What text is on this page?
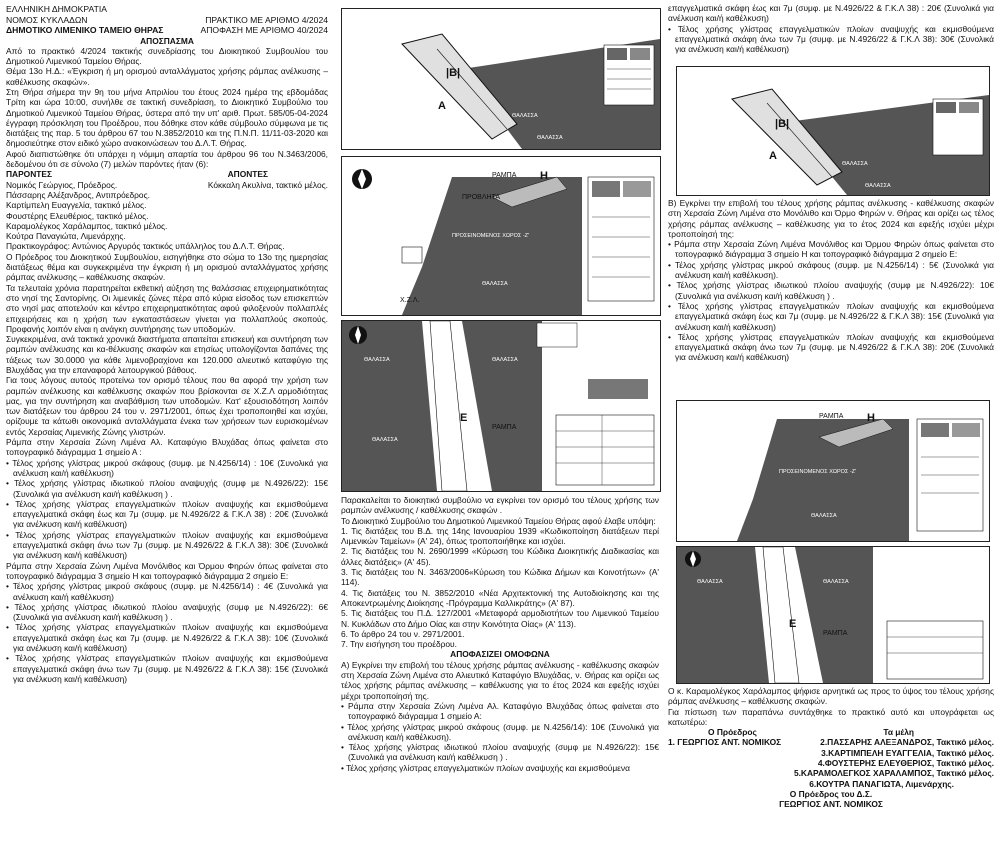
ΕΛΛΗΝΙΚΗ ΔΗΜΟΚΡΑΤΙΑ
ΝΟΜΟΣ ΚΥΚΛΑΔΩΝ	ΠΡΑΚΤΙΚΟ ΜΕ ΑΡΙΘΜΟ 4/2024
ΔΗΜΟΤΙΚΟ ΛΙΜΕΝΙΚΟ ΤΑΜΕΙΟ ΘΗΡΑΣ	ΑΠΟΦΑΣΗ ΜΕ ΑΡΙΘΜΟ 40/2024

ΑΠΟΣΠΑΣΜΑ

Από το πρακτικό 4/2024 τακτικής συνεδρίασης του Διοικητικού Συμβουλίου του Δημοτικού Λιμενικού Ταμείου Θήρας.

Θέμα 13ο Η.Δ.: «Έγκριση ή μη ορισμού ανταλλάγματος χρήσης ράμπας ανέλκυσης – καθέλκυσης σκαφών».

Στη Θήρα σήμερα την 9η του μήνα Απριλίου του έτους 2024 ημέρα της εβδομάδας Τρίτη και ώρα 10:00, συνήλθε σε τακτική συνεδρίαση, το Διοικητικό Συμβούλιο του Δημοτικού Λιμενικού Ταμείου Θήρας, ύστερα από την υπ' αριθ. Πρωτ. 585/05-04-2024 έγγραφη πρόσκληση του Προέδρου, που δόθηκε στον κάθε σύμβουλο σύμφωνα με τις διατάξεις της παρ. 5 του άρθρου 67 του Ν.3852/2010 και της Π.Ν.Π. 11/11-03-2020 και δημοσιεύτηκε στον ειδικό χώρο ανακοινώσεων του Δ.Λ.Τ. Θήρας.

Αφού διαπιστώθηκε ότι υπάρχει η νόμιμη απαρτία του άρθρου 96 του Ν.3463/2006, δεδομένου ότι σε σύνολο (7) μελών παρόντες ήταν (6):

ΠΑΡΟΝΤΕΣ	ΑΠΟΝΤΕΣ
Νομικός Γεώργιος, Πρόεδρος.	Κόκκαλη Ακυλίνα, τακτικό μέλος.

Πάσσαρης Αλέξανδρος, Αντιπρόεδρος.

Καρτίμπελη Ευαγγελία, τακτικό μέλος.

Φουστέρης Ελευθέριος, τακτικό μέλος.

Καραμολέγκος Χαράλαμπος, τακτικό μέλος.

Κούτρα Παναγιώτα, Λιμενάρχης.

Πρακτικογράφος: Αντώνιος Αργυρός τακτικός υπάλληλος του Δ.Λ.Τ. Θήρας.

Ο Πρόεδρος του Διοικητικού Συμβουλίου, εισηγήθηκε στο σώμα το 13ο της ημερησίας διατάξεως θέμα και συγκεκριμένα την έγκριση ή μη ορισμού ανταλλάγματος χρήσης ράμπας ανέλκυσης – καθέλκυσης σκαφών.

Τα τελευταία χρόνια παρατηρείται εκθετική αύξηση της θαλάσσιας επιχειρηματικότητας στο νησί της Σαντορίνης. Οι λιμενικές ζώνες πέρα από κύρια είσοδος των επισκεπτών στο νησί μας αποτελούν και κέντρο επιχειρηματικότητας αφού φιλοξενούν πολλαπλές επιχειρήσεις και η χρήση των εγκαταστάσεων γίνεται για πολλαπλούς σκοπούς. Προφανής λοιπόν είναι η ανάγκη συντήρησης των υποδομών.

Συγκεκριμένα, ανά τακτικά χρονικά διαστήματα απαιτείται επισκευή και συντήρηση των ραμπών ανέλκυσης και κα-θέλκυσης σκαφών και ετησίως υπολογίζονται δαπάνες της τάξεως των 30.0000 για κάθε λιμενοβραχίονα και 120.000 αλιευτικό καταφύγιο της Βλυχάδας για την επαναφορά λειτουργικού βάθους.

Για τους λόγους αυτούς προτείνω τον ορισμό τέλους που θα αφορά την χρήση των ραμπών ανέλκυσης και καθέλκυσης σκαφών που βρίσκονται σε Χ.Ζ.Λ αρμοδιότητας μας, για την συντήρηση και αναβάθμιση των υποδομών. Κατ' εξουσιοδότηση λοιπόν των διατάξεων του άρθρου 24 του ν. 2971/2001, όπως έχει τροποποιηθεί και ισχύει, ορίζουμε τα κάτωθι οικονομικά ανταλλάγματα ένεκα των χρήσεων των ευρισκομένων εντός Χερσαίας Λιμενικής Ζώνης γλιστρών.

Ράμπα στην Χερσαία Ζώνη Λιμένα Αλ. Καταφύγιο Βλυχάδας όπως φαίνεται στο τοπογραφικό διάγραμμα 1 σημείο Α :

• Τέλος χρήσης γλίστρας μικρού σκάφους (συμφ. με Ν.4256/14) : 10€ (Συνολικά για ανέλκυση και/ή καθέλκυση)

• Τέλος χρήσης γλίστρας ιδιωτικού πλοίου αναψυχής (συμφ με Ν.4926/22): 15€ (Συνολικά για ανέλκυση και/ή καθέλκυση ) .

• Τέλος χρήσης γλίστρας επαγγελματικών πλοίων αναψυχής και εκμισθούμενα επαγγελματικά σκάφη έως και 7μ (συμφ. με Ν.4926/22 & Γ.Κ.Λ 38) : 20€ (Συνολικά για ανέλκυση και/ή καθέλκυση)

• Τέλος χρήσης γλίστρας επαγγελματικών πλοίων αναψυχής και εκμισθούμενα επαγγελματικά σκάφη άνω των 7μ (συμφ. με Ν.4926/22 & Γ.Κ.Λ 38): 30€ (Συνολικά για ανέλκυση και/ή καθέλκυση)

Ράμπα στην Χερσαία Ζώνη Λιμένα Μονόλιθος και Όρμου Φηρών όπως φαίνεται στο τοπογραφικό διάγραμμα 3 σημείο Η και τοπογραφικό διάγραμμα 2 σημείο Ε:

• Τέλος χρήσης γλίστρας μικρού σκάφους (συμφ. με Ν.4256/14) : 4€ (Συνολικά για ανέλκυση και/ή καθέλκυση)

• Τέλος χρήσης γλίστρας ιδιωτικού πλοίου αναψυχής (συμφ με Ν.4926/22): 6€ (Συνολικά για ανέλκυση και/ή καθέλκυση ) .

• Τέλος χρήσης γλίστρας επαγγελματικών πλοίων αναψυχής και εκμισθούμενα επαγγελματικά σκάφη έως και 7μ (συμφ. με Ν.4926/22 & Γ.Κ.Λ 38): 10€ (Συνολικά για ανέλκυση και/ή καθέλκυση)

• Τέλος χρήσης γλίστρας επαγγελματικών πλοίων αναψυχής και εκμισθούμενα επαγγελματικά σκάφη άνω των 7μ (συμφ. με Ν.4926/22 & Γ.Κ.Λ 38): 15€ (Συνολικά για ανέλκυση και/ή καθέλκυση)

|Β|
Α
ΘΑΛΑΣΣΑ
ΘΑΛΑΣΣΑ
ΡΑΜΠΑ Η
ΠΡΟΒΛΗΤΑ
ΠΡΟΣΕΙΝΟΜΕΝΟΣ ΧΩΡΟΣ -Z'
ΘΑΛΑΣΣΑ
Χ.Ζ.Λ.
ΘΑΛΑΣΣΑ	ΘΑΛΑΣΣΑ
ΘΑΛΑΣΣΑ
Ε
ΡΑΜΠΑ

Παρακαλείται το διοικητικό συμβούλιο να εγκρίνει τον ορισμό του τέλους χρήσης των ραμπών ανέλκυσης / καθέλκυσης σκαφών .

Το Διοικητικό Συμβούλιο του Δημοτικού Λιμενικού Ταμείου Θήρας αφού έλαβε υπόψη:

1. Τις διατάξεις του Β.Δ. της 14ης Ιανουαρίου 1939 «Κωδικοποίηση διατάξεων περί Λιμενικών Ταμείων» (Α' 24), όπως τροποποιήθηκε και ισχύει.

2. Τις διατάξεις του Ν. 2690/1999 «Κύρωση του Κώδικα Διοικητικής Διαδικασίας και άλλες διατάξεις» (Α' 45).

3. Τις διατάξεις του Ν. 3463/2006«Κύρωση του Κώδικα Δήμων και Κοινοτήτων» (Α' 114).

4. Τις διατάξεις του Ν. 3852/2010 «Νέα Αρχιτεκτονική της Αυτοδιοίκησης και της Αποκεντρωμένης Διοίκησης -Πρόγραμμα Καλλικράτης» (Α' 87).

5. Τις διατάξεις του Π.Δ. 127/2001 «Μεταφορά αρμοδιοτήτων του Λιμενικού Ταμείου Ν. Κυκλάδων στο Δήμο Οίας και στην Κοινότητα Οίας» (Α' 113).

6. Το άρθρο 24 του ν. 2971/2001.

7. Την εισήγηση του προέδρου.

ΑΠΟΦΑΣΙΖΕΙ ΟΜΟΦΩΝΑ

Α) Εγκρίνει την επιβολή του τέλους χρήσης ράμπας ανέλκυσης - καθέλκυσης σκαφών στη Χερσαία Ζώνη Λιμένα στο Αλιευτικό Καταφύγιο Βλυχάδας, ν. Θήρας και ορίζει ως τέλος χρήσης ράμπας ανέλκυσης – καθέλκυσης για το έτος 2024 και εφεξής ισχύει μέχρι τροποποίησή της.

• Ράμπα στην Χερσαία Ζώνη Λιμένα Αλ. Καταφύγιο Βλυχάδας όπως φαίνεται στο τοπογραφικό διάγραμμα 1 σημείο Α:

• Τέλος χρήσης γλίστρας μικρού σκάφους (συμφ. με Ν.4256/14): 10€ (Συνολικά για ανέλκυση και/ή καθέλκυση).

• Τέλος χρήσης γλίστρας ιδιωτικού πλοίου αναψυχής (συμφ με Ν.4926/22): 15€ (Συνολικά για ανέλκυση και/ή καθέλκυση ) .

• Τέλος χρήσης γλίστρας επαγγελματικών πλοίων αναψυχής και εκμισθούμενα

επαγγελματικά σκάφη έως και 7μ (συμφ. με Ν.4926/22 & Γ.Κ.Λ 38) : 20€ (Συνολικά για ανέλκυση και/ή καθέλκυση)

• Τέλος χρήσης γλίστρας επαγγελματικών πλοίων αναψυχής και εκμισθούμενα επαγγελματικά σκάφη άνω των 7μ (συμφ. με Ν.4926/22 & Γ.Κ.Λ 38): 30€ (Συνολικά για ανέλκυση και/ή καθέλκυση)

|Β|
Α
ΘΑΛΑΣΣΑ
ΘΑΛΑΣΣΑ

Β) Εγκρίνει την επιβολή του τέλους χρήσης ράμπας ανέλκυσης - καθέλκυσης σκαφών στη Χερσαία Ζώνη Λιμένα στο Μονόλιθο και Όρμο Φηρών ν. Θήρας και ορίζει ως τέλος χρήσης ράμπας ανέλκυσης – καθέλκυσης για το έτος 2024 και εφεξής ισχύει μέχρι τροποποίησή της:

• Ράμπα στην Χερσαία Ζώνη Λιμένα Μονόλιθος και Όρμου Φηρών όπως φαίνεται στο τοπογραφικό διάγραμμα 3 σημείο Η και τοπογραφικό διάγραμμα 2 σημείο Ε:

• Τέλος χρήσης γλίστρας μικρού σκάφους (συμφ. με Ν.4256/14) : 5€ (Συνολικά για ανέλκυση και/ή καθέλκυση).

• Τέλος χρήσης γλίστρας ιδιωτικού πλοίου αναψυχής (συμφ με Ν.4926/22): 10€ (Συνολικά για ανέλκυση και/ή καθέλκυση ) .

• Τέλος χρήσης γλίστρας επαγγελματικών πλοίων αναψυχής και εκμισθούμενα επαγγελματικά σκάφη έως και 7μ (συμφ. με Ν.4926/22 & Γ.Κ.Λ 38): 15€ (Συνολικά για ανέλκυση και/ή καθέλκυση)

• Τέλος χρήσης γλίστρας επαγγελματικών πλοίων αναψυχής και εκμισθούμενα επαγγελματικά σκάφη άνω των 7μ (συμφ. με Ν.4926/22 & Γ.Κ.Λ 38): 20€ (Συνολικά για ανέλκυση και/ή καθέλκυση)

ΡΑΜΠΑ Η
ΠΡΟΣΕΙΝΟΜΕΝΟΣ ΧΩΡΟΣ -Z'
ΘΑΛΑΣΣΑ
ΘΑΛΑΣΣΑ	ΘΑΛΑΣΣΑ
Ε
ΡΑΜΠΑ

Ο κ. Καραμολέγκος Χαράλαμπος ψήφισε αρνητικά ως προς το ύψος του τέλους χρήσης ράμπας ανέλκυσης – καθέλκυσης σκαφών.

Για πίστωση των παραπάνω συντάχθηκε το πρακτικό αυτό και υπογράφεται ως κατωτέρω:

Ο Πρόεδρος	Τα μέλη
1. ΓΕΩΡΓΙΟΣ ΑΝΤ. ΝΟΜΙΚΟΣ	2.ΠΑΣΣΑΡΗΣ ΑΛΕΞΑΝΔΡΟΣ, Τακτικό μέλος.

3.ΚΑΡΤΙΜΠΕΛΗ ΕΥΑΓΓΕΛΙΑ, Τακτικό μέλος.

4.ΦΟΥΣΤΕΡΗΣ ΕΛΕΥΘΕΡΙΟΣ, Τακτικό μέλος.

5.ΚΑΡΑΜΟΛΕΓΚΟΣ ΧΑΡΑΛΑΜΠΟΣ, Τακτικό μέλος.

6.ΚΟΥΤΡΑ ΠΑΝΑΓΙΩΤΑ, Λιμενάρχης.

Ο Πρόεδρος του Δ.Σ.

ΓΕΩΡΓΙΟΣ ΑΝΤ. ΝΟΜΙΚΟΣ
